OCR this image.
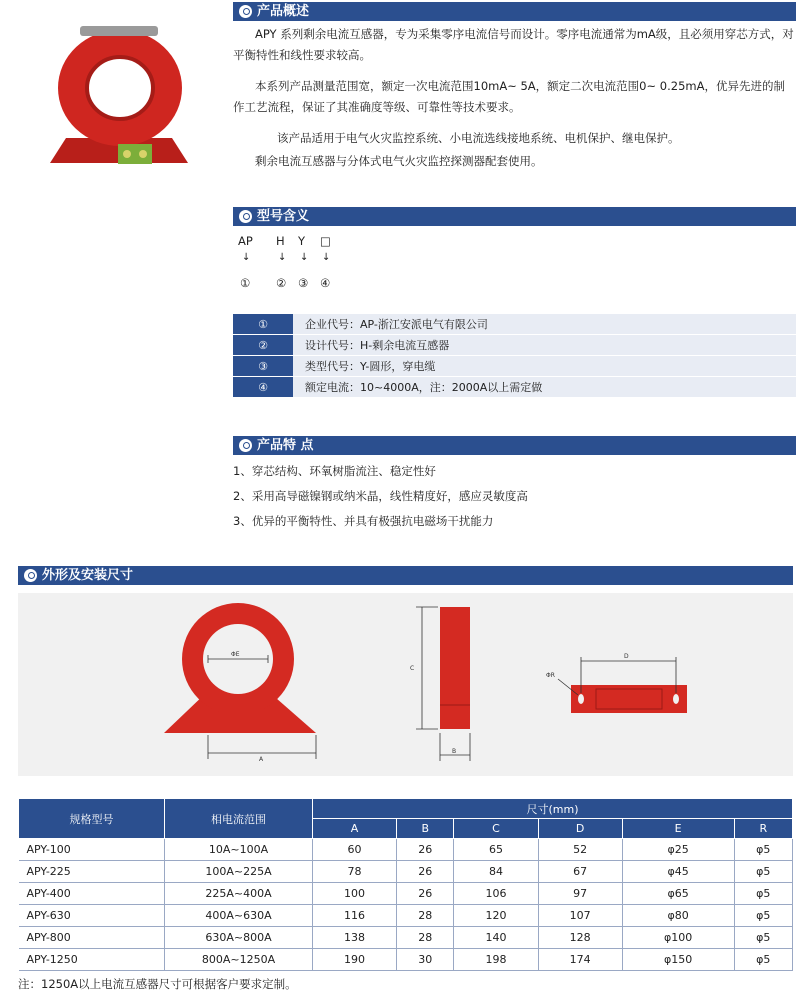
产品概述
APY 系列剩余电流互感器，专为采集零序电流信号而设计。零序电流通常为mA级，且必须用穿芯方式，对平衡特性和线性要求较高。
本系列产品测量范围宽，额定一次电流范围10mA~ 5A，额定二次电流范围0~ 0.25mA，优异先进的制作工艺流程，保证了其准确度等级、可靠性等技术要求。
该产品适用于电气火灾监控系统、小电流选线接地系统、电机保护、继电保护。
剩余电流互感器与分体式电气火灾监控探测器配套使用。
型号含义
AP H Y □
↓	↓ ↓ ↓
① ② ③ ④
①	企业代号：AP-浙江安派电气有限公司
②	设计代号：H-剩余电流互感器
③	类型代号：Y-圆形，穿电缆
④	额定电流：10~4000A，注：2000A以上需定做
产品特 点
1、穿芯结构、环氧树脂流注、稳定性好
2、采用高导磁镍钢或纳米晶，线性精度好，感应灵敏度高
3、优异的平衡特性、并具有极强抗电磁场干扰能力
外形及安装尺寸
ΦE
A
C
B
D
ΦR
规格型号	相电流范围	尺寸(mm)					
		A	B	C	D	E	R
APY-100	10A~100A	60	26	65	52	φ25	φ5
APY-225	100A~225A	78	26	84	67	φ45	φ5
APY-400	225A~400A	100	26	106	97	φ65	φ5
APY-630	400A~630A	116	28	120	107	φ80	φ5
APY-800	630A~800A	138	28	140	128	φ100	φ5
APY-1250	800A~1250A	190	30	198	174	φ150	φ5
注：1250A以上电流互感器尺寸可根据客户要求定制。
